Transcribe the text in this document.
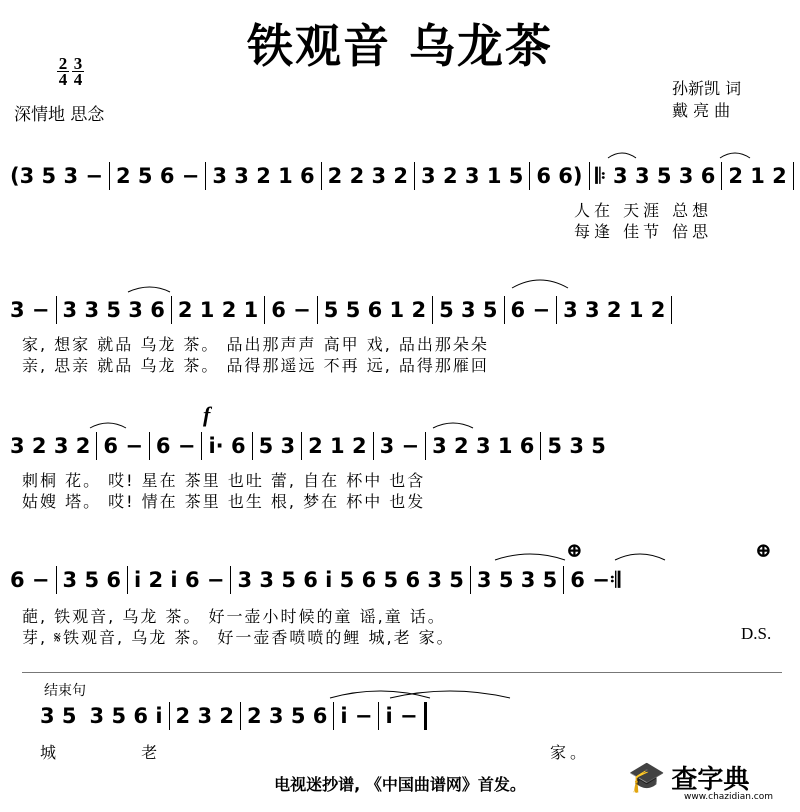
铁观音 乌龙茶
$\frac{2}{4} \frac{3}{4}$
深情地 思念
孙新凯 词
戴 亮 曲
(3 5 3 − 2 5 6 − 3 3 2 1 6 2 2 3 2 3 2 3 1 5 6 6) 𝄆 3 3 5 3 6 2 1 2
人在 天涯 总想
每逢 佳节 倍思
3 − 3 3 5 3 6 2 1 2 1 6 − 5 5 6 1 2 5 3 5 6 − 3 3 2 1 2
家, 想家 就品 乌龙 茶。 品出那声声 高甲 戏, 品出那朵朵
亲, 思亲 就品 乌龙 茶。 品得那遥远 不再 远, 品得那雁回
f
3 2 3 2 6 − 6 − i· 6 5 3 2 1 2 3 − 3 2 3 1 6 5 3 5
刺桐 花。 哎! 星在 茶里 也吐 蕾, 自在 杯中 也含
姑嫂 塔。 哎! 情在 茶里 也生 根, 梦在 杯中 也发
⊕	⊕
6 − 3 5 6 i 2 i 6 − 3 3 5 6 i 5 6 5 6 3 5 3 5 3 5 6 −𝄇
葩, 铁观音, 乌龙 茶。 好一壶小时候的童 谣,童 话。
芽, 𝄋铁观音, 乌龙 茶。 好一壶香喷喷的鲤 城,老 家。	D.S.
结束句
3 5 3 5 6 i 2 3 2 2 3 5 6 i − i −
城 老	家。
电视迷抄谱, 《中国曲谱网》首发。	🎓 查字典
www.chazidian.com
